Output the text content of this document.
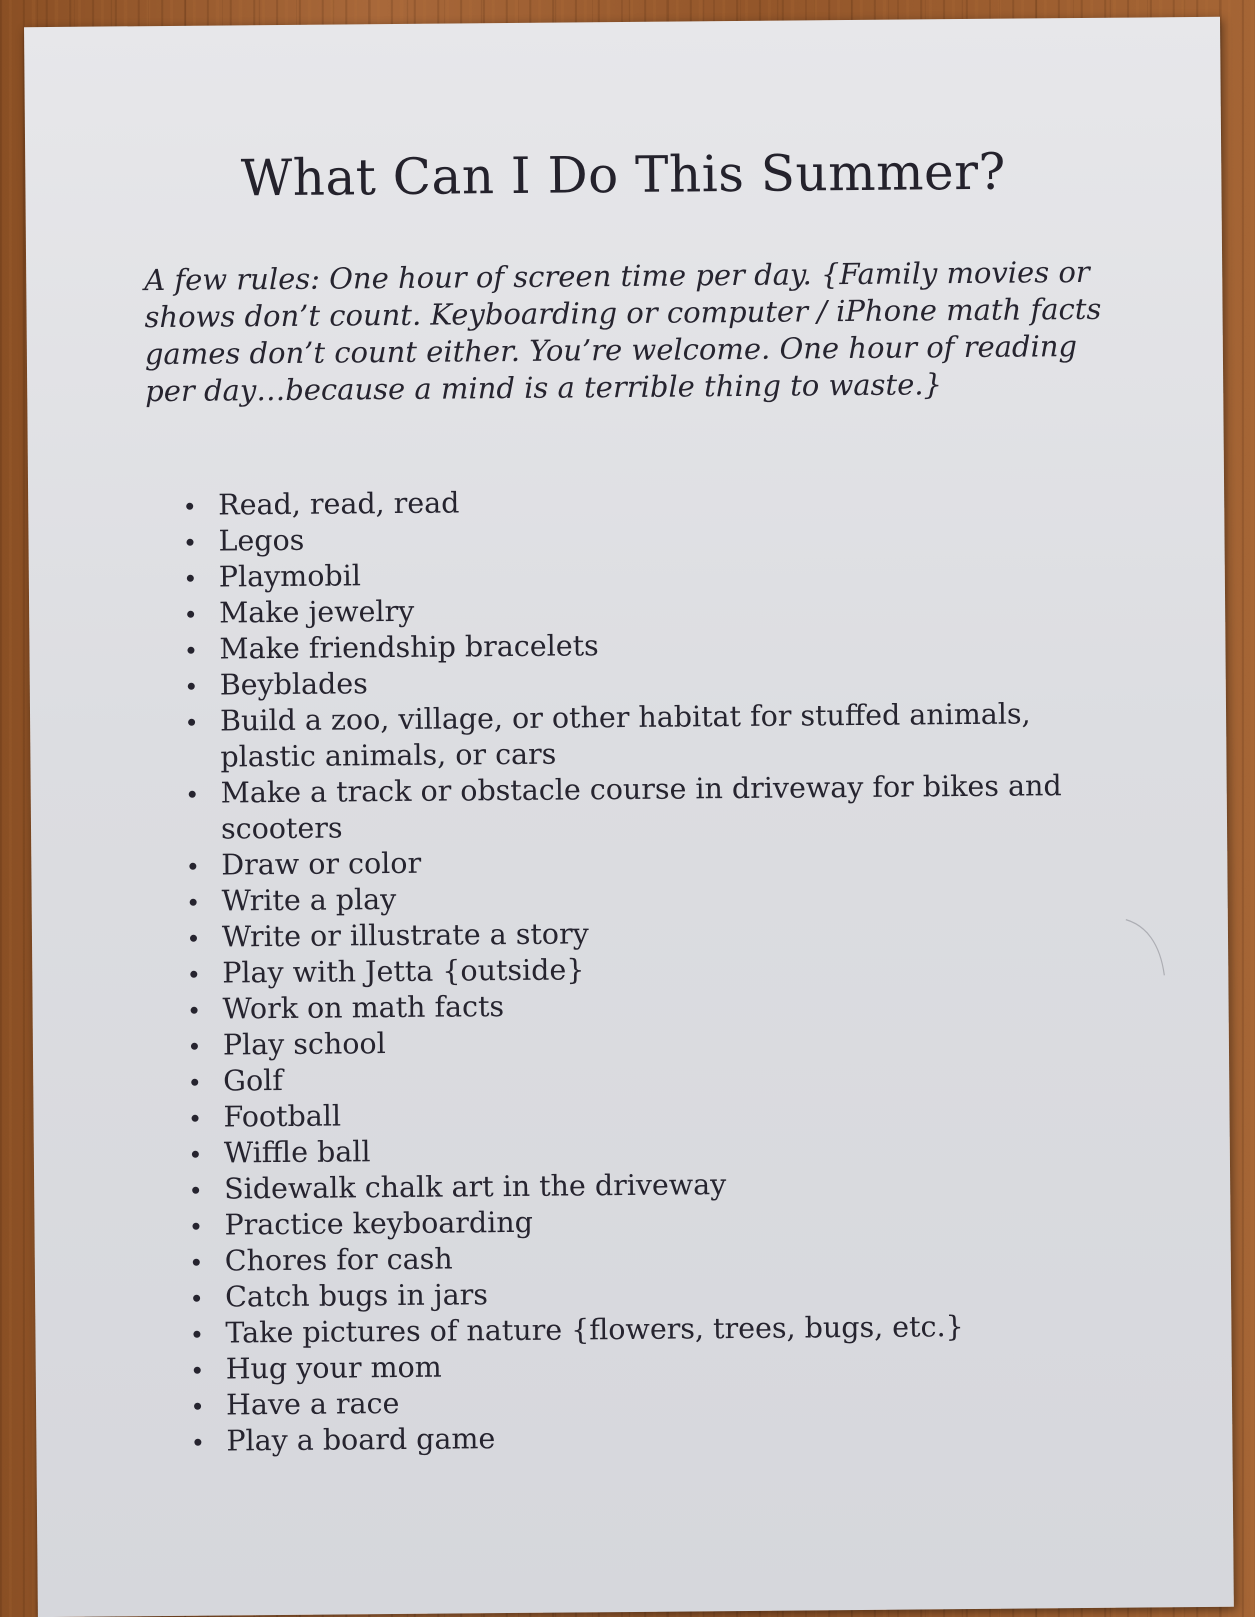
What Can I Do This Summer?

A few rules: One hour of screen time per day. {Family movies or shows don’t count. Keyboarding or computer / iPhone math facts games don’t count either. You’re welcome. One hour of reading per day…because a mind is a terrible thing to waste.}

Read, read, read
Legos
Playmobil
Make jewelry
Make friendship bracelets
Beyblades
Build a zoo, village, or other habitat for stuffed animals, plastic animals, or cars
Make a track or obstacle course in driveway for bikes and scooters
Draw or color
Write a play
Write or illustrate a story
Play with Jetta {outside}
Work on math facts
Play school
Golf
Football
Wiffle ball
Sidewalk chalk art in the driveway
Practice keyboarding
Chores for cash
Catch bugs in jars
Take pictures of nature {flowers, trees, bugs, etc.}
Hug your mom
Have a race
Play a board game
